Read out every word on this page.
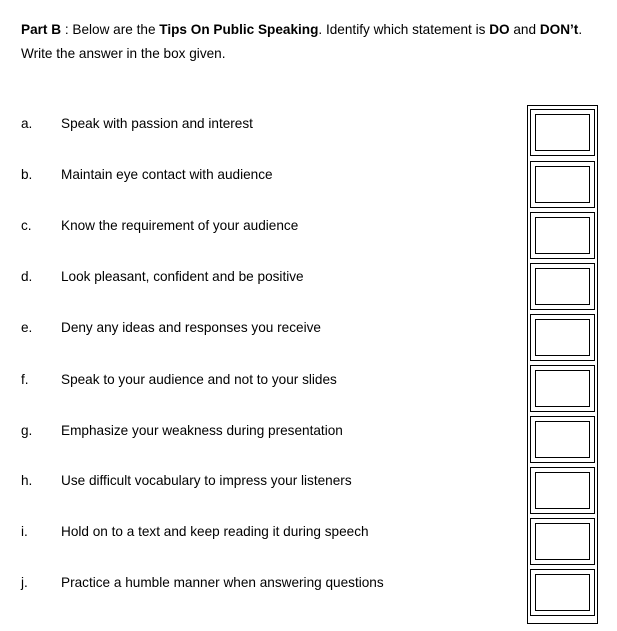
Part B : Below are the Tips On Public Speaking. Identify which statement is DO and DON’t. Write the answer in the box given.
a. Speak with passion and interest
b. Maintain eye contact with audience
c. Know the requirement of your audience
d. Look pleasant, confident and be positive
e. Deny any ideas and responses you receive
f. Speak to your audience and not to your slides
g. Emphasize your weakness during presentation
h. Use difficult vocabulary to impress your listeners
i. Hold on to a text and keep reading it during speech
j. Practice a humble manner when answering questions
